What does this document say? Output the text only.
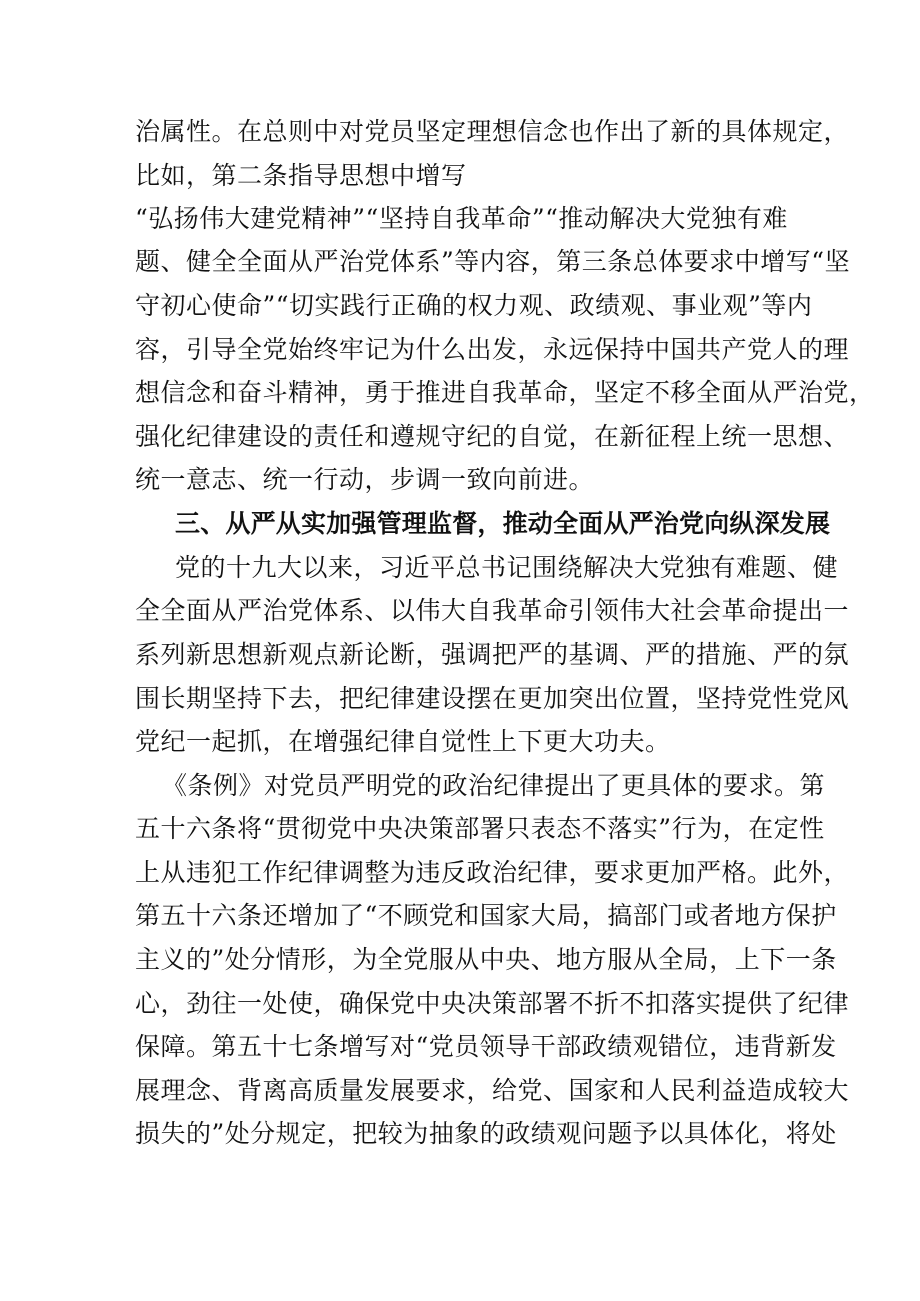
治属性。在总则中对党员坚定理想信念也作出了新的具体规定，
比如，第二条指导思想中增写
“弘扬伟大建党精神”“坚持自我革命”“推动解决大党独有难
题、健全全面从严治党体系”等内容，第三条总体要求中增写“坚
守初心使命”“切实践行正确的权力观、政绩观、事业观”等内
容，引导全党始终牢记为什么出发，永远保持中国共产党人的理
想信念和奋斗精神，勇于推进自我革命，坚定不移全面从严治党，
强化纪律建设的责任和遵规守纪的自觉，在新征程上统一思想、
统一意志、统一行动，步调一致向前进。
三、从严从实加强管理监督，推动全面从严治党向纵深发展
党的十九大以来，习近平总书记围绕解决大党独有难题、健
全全面从严治党体系、以伟大自我革命引领伟大社会革命提出一
系列新思想新观点新论断，强调把严的基调、严的措施、严的氛
围长期坚持下去，把纪律建设摆在更加突出位置，坚持党性党风
党纪一起抓，在增强纪律自觉性上下更大功夫。
《条例》对党员严明党的政治纪律提出了更具体的要求。第
五十六条将“贯彻党中央决策部署只表态不落实”行为，在定性
上从违犯工作纪律调整为违反政治纪律，要求更加严格。此外，
第五十六条还增加了“不顾党和国家大局，搞部门或者地方保护
主义的”处分情形，为全党服从中央、地方服从全局，上下一条
心，劲往一处使，确保党中央决策部署不折不扣落实提供了纪律
保障。第五十七条增写对“党员领导干部政绩观错位，违背新发
展理念、背离高质量发展要求，给党、国家和人民利益造成较大
损失的”处分规定，把较为抽象的政绩观问题予以具体化，将处
